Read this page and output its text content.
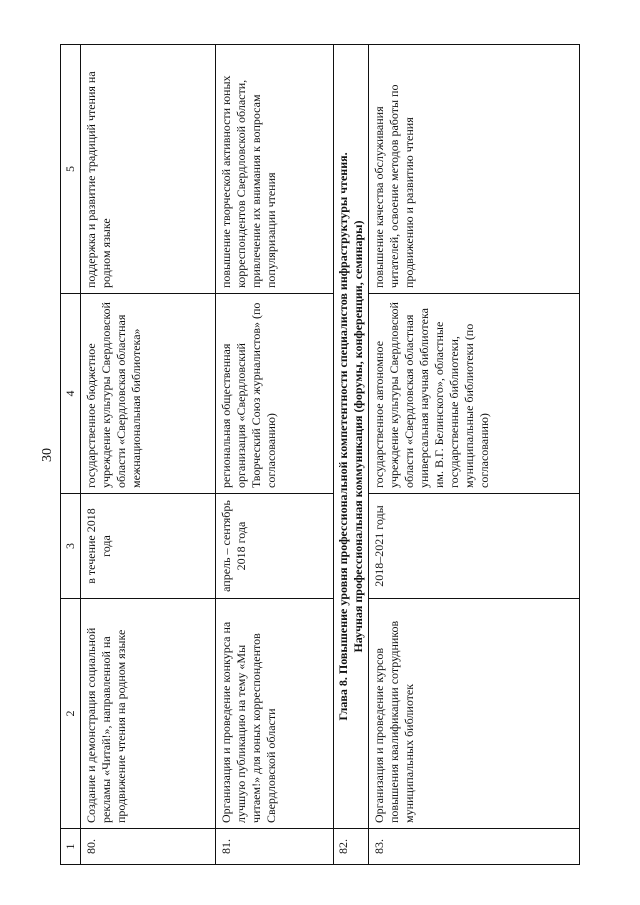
30
1	2	3	4	5
80.	Создание и демонстрация социальной рекламы «Читай!», направленной на продвижение чтения на родном языке	в течение 2018 года	государственное бюджетное учреждение культуры Свердловской области «Свердловская областная межнациональная библиотека»	поддержка и развитие традиций чтения на родном языке
81.	Организация и проведение конкурса на лучшую публикацию на тему «Мы читаем!» для юных корреспондентов Свердловской области	апрель – сентябрь 2018 года	региональная общественная организация «Свердловский Творческий Союз журналистов» (по согласованию)	повышение творческой активности юных корреспондентов Свердловской области, привлечение их внимания к вопросам популяризации чтения
82.	Глава 8. Повышение уровня профессиональной компетентности специалистов инфраструктуры чтения. Научная профессиональная коммуникация (форумы, конференции, семинары)			

83.	Организация и проведение курсов повышения квалификации сотрудников муниципальных библиотек	2018–2021 годы	государственное автономное учреждение культуры Свердловской области «Свердловская областная универсальная научная библиотека им. В.Г. Белинского», областные государственные библиотеки, муниципальные библиотеки (по согласованию)	повышение качества обслуживания читателей, освоение методов работы по продвижению и развитию чтения
